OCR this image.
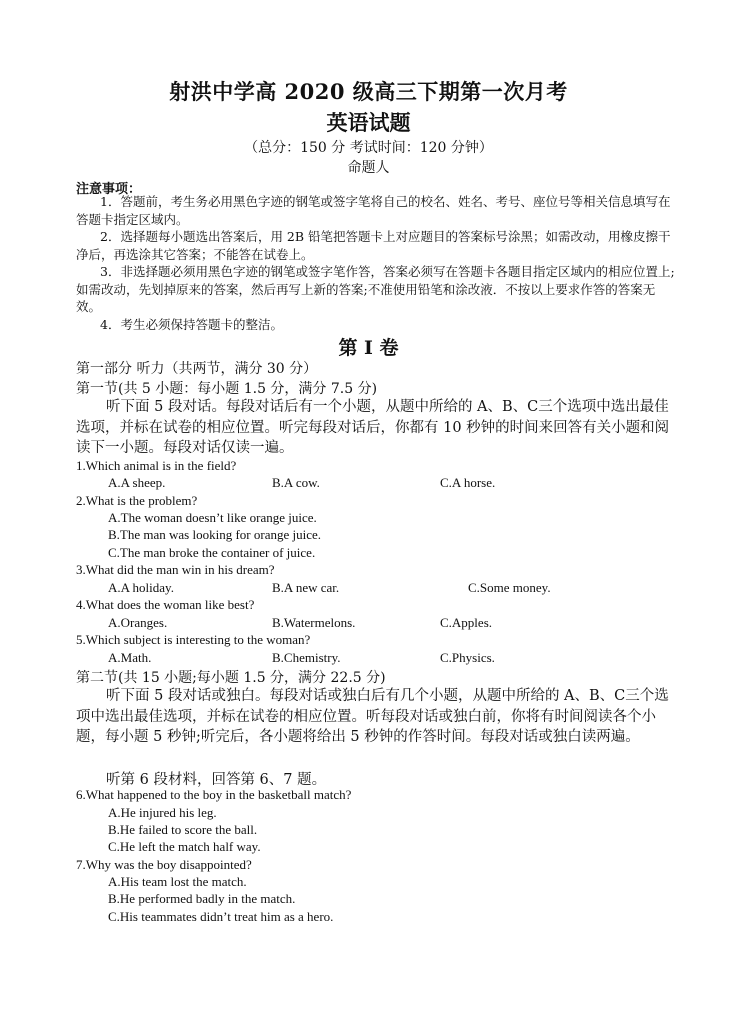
射洪中学高 2020 级高三下期第一次月考
英语试题
（总分：150 分 考试时间：120 分钟）
命题人
注意事项：

1．答题前，考生务必用黑色字迹的钢笔或签字笔将自己的校名、姓名、考号、座位号等相关信息填写在答题卡指定区域内。

2．选择题每小题选出答案后，用 2B 铅笔把答题卡上对应题目的答案标号涂黑；如需改动，用橡皮擦干净后，再选涂其它答案；不能答在试卷上。

3．非选择题必须用黑色字迹的钢笔或签字笔作答，答案必须写在答题卡各题目指定区域内的相应位置上;如需改动，先划掉原来的答案，然后再写上新的答案;不准使用铅笔和涂改液．不按以上要求作答的答案无效。

4．考生必须保持答题卡的整洁。

第 I 卷
第一部分 听力（共两节，满分 30 分）
第一节(共 5 小题：每小题 1.5 分，满分 7.5 分)
听下面 5 段对话。每段对话后有一个小题，从题中所给的 A、B、C三个选项中选出最佳选项，并标在试卷的相应位置。听完每段对话后，你都有 10 秒钟的时间来回答有关小题和阅读下一小题。每段对话仅读一遍。
1.Which animal is in the field?
A.A sheep.	B.A cow.	C.A horse.
2.What is the problem?
A.The woman doesn’t like orange juice.
B.The man was looking for orange juice.
C.The man broke the container of juice.
3.What did the man win in his dream?
A.A holiday.	B.A new car.	C.Some money.
4.What does the woman like best?
A.Oranges.	B.Watermelons.	C.Apples.
5.Which subject is interesting to the woman?
A.Math.	B.Chemistry.	C.Physics.
第二节(共 15 小题;每小题 1.5 分，满分 22.5 分)
听下面 5 段对话或独白。每段对话或独白后有几个小题，从题中所给的 A、B、C三个选项中选出最佳选项，并标在试卷的相应位置。听每段对话或独白前，你将有时间阅读各个小题，每小题 5 秒钟;听完后，各小题将给出 5 秒钟的作答时间。每段对话或独白读两遍。
听第 6 段材料，回答第 6、7 题。
6.What happened to the boy in the basketball match?
A.He injured his leg.
B.He failed to score the ball.
C.He left the match half way.
7.Why was the boy disappointed?
A.His team lost the match.
B.He performed badly in the match.
C.His teammates didn’t treat him as a hero.
